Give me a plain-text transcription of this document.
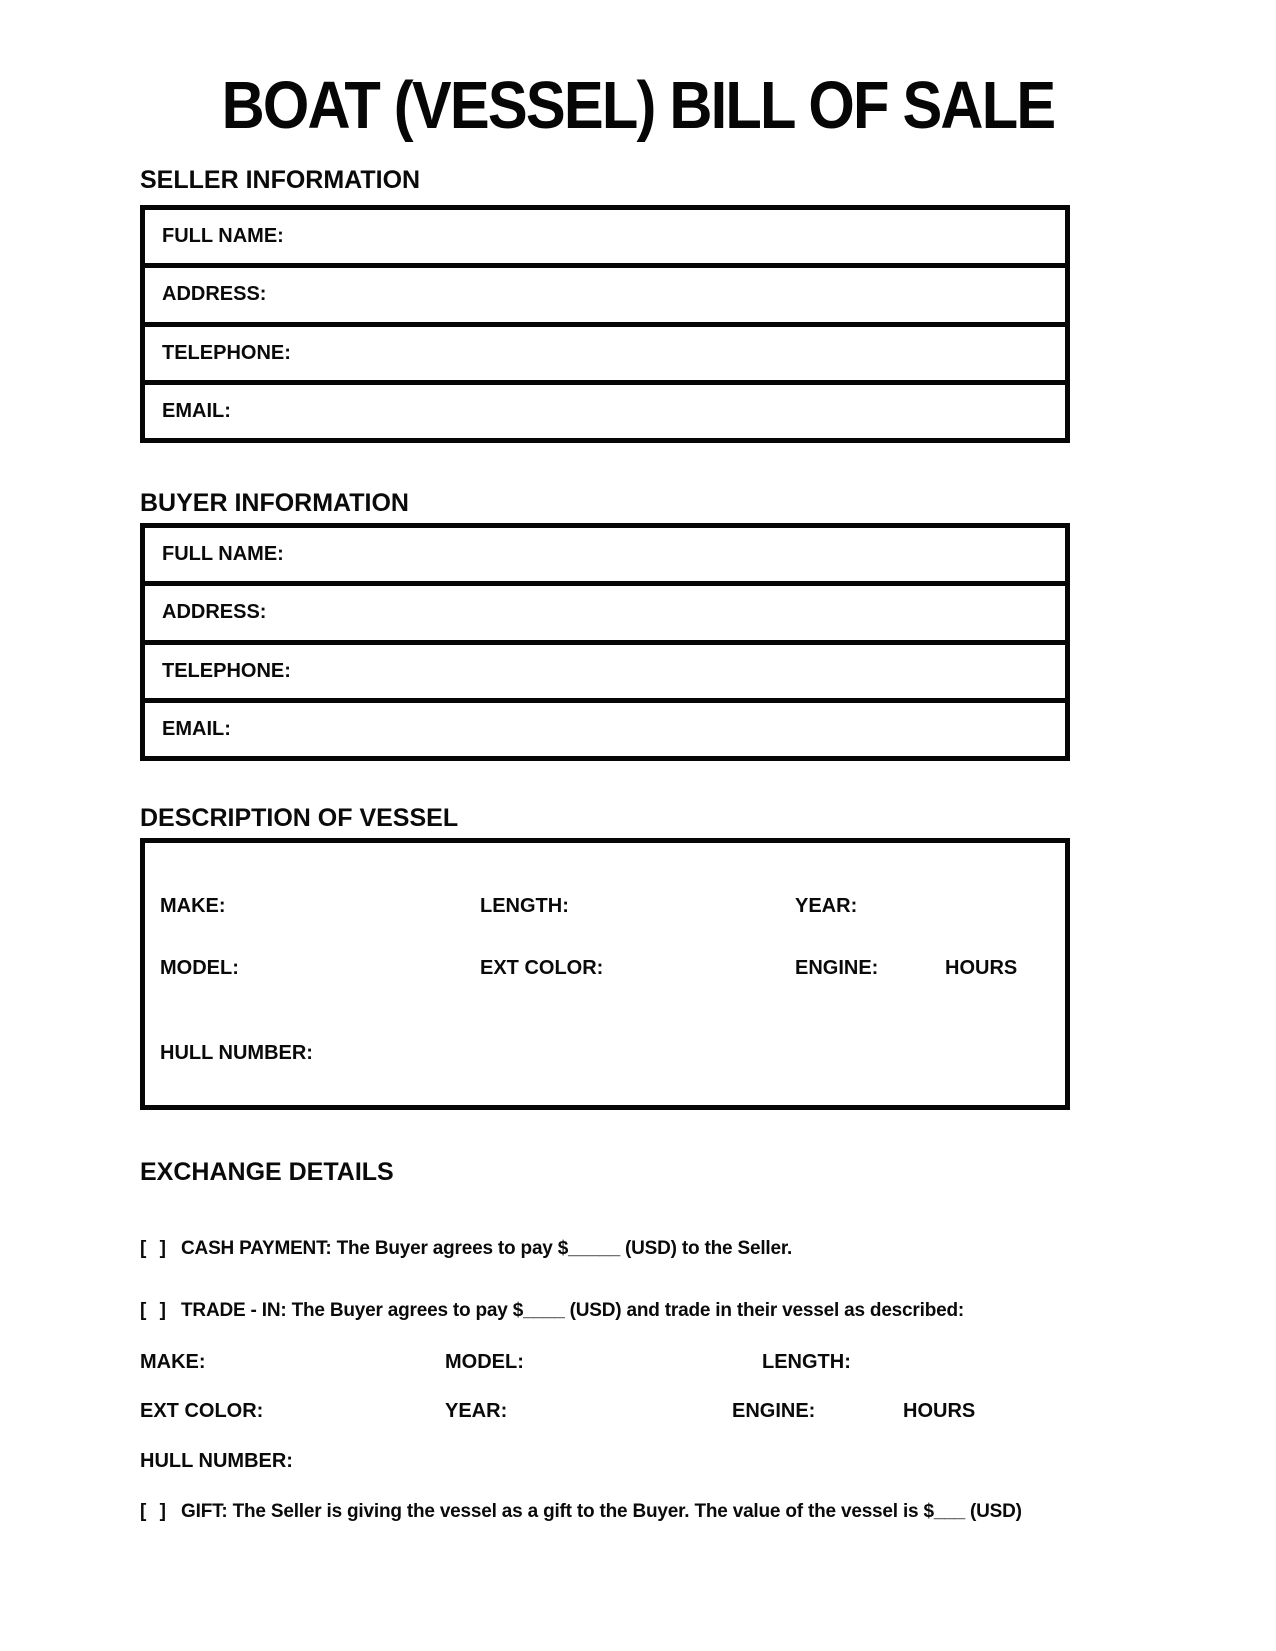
BOAT (VESSEL) BILL OF SALE
SELLER INFORMATION
FULL NAME:
ADDRESS:
TELEPHONE:
EMAIL:
BUYER INFORMATION
FULL NAME:
ADDRESS:
TELEPHONE:
EMAIL:
DESCRIPTION OF VESSEL
MAKE:	LENGTH:	YEAR:
MODEL:	EXT COLOR:	ENGINE:	HOURS
HULL NUMBER:
EXCHANGE DETAILS
[ ] CASH PAYMENT: The Buyer agrees to pay $_____ (USD) to the Seller.
[ ] TRADE - IN: The Buyer agrees to pay $____ (USD) and trade in their vessel as described:
MAKE:	MODEL:	LENGTH:
EXT COLOR:	YEAR:	ENGINE:	HOURS
HULL NUMBER:
[ ] GIFT: The Seller is giving the vessel as a gift to the Buyer. The value of the vessel is $___ (USD)
